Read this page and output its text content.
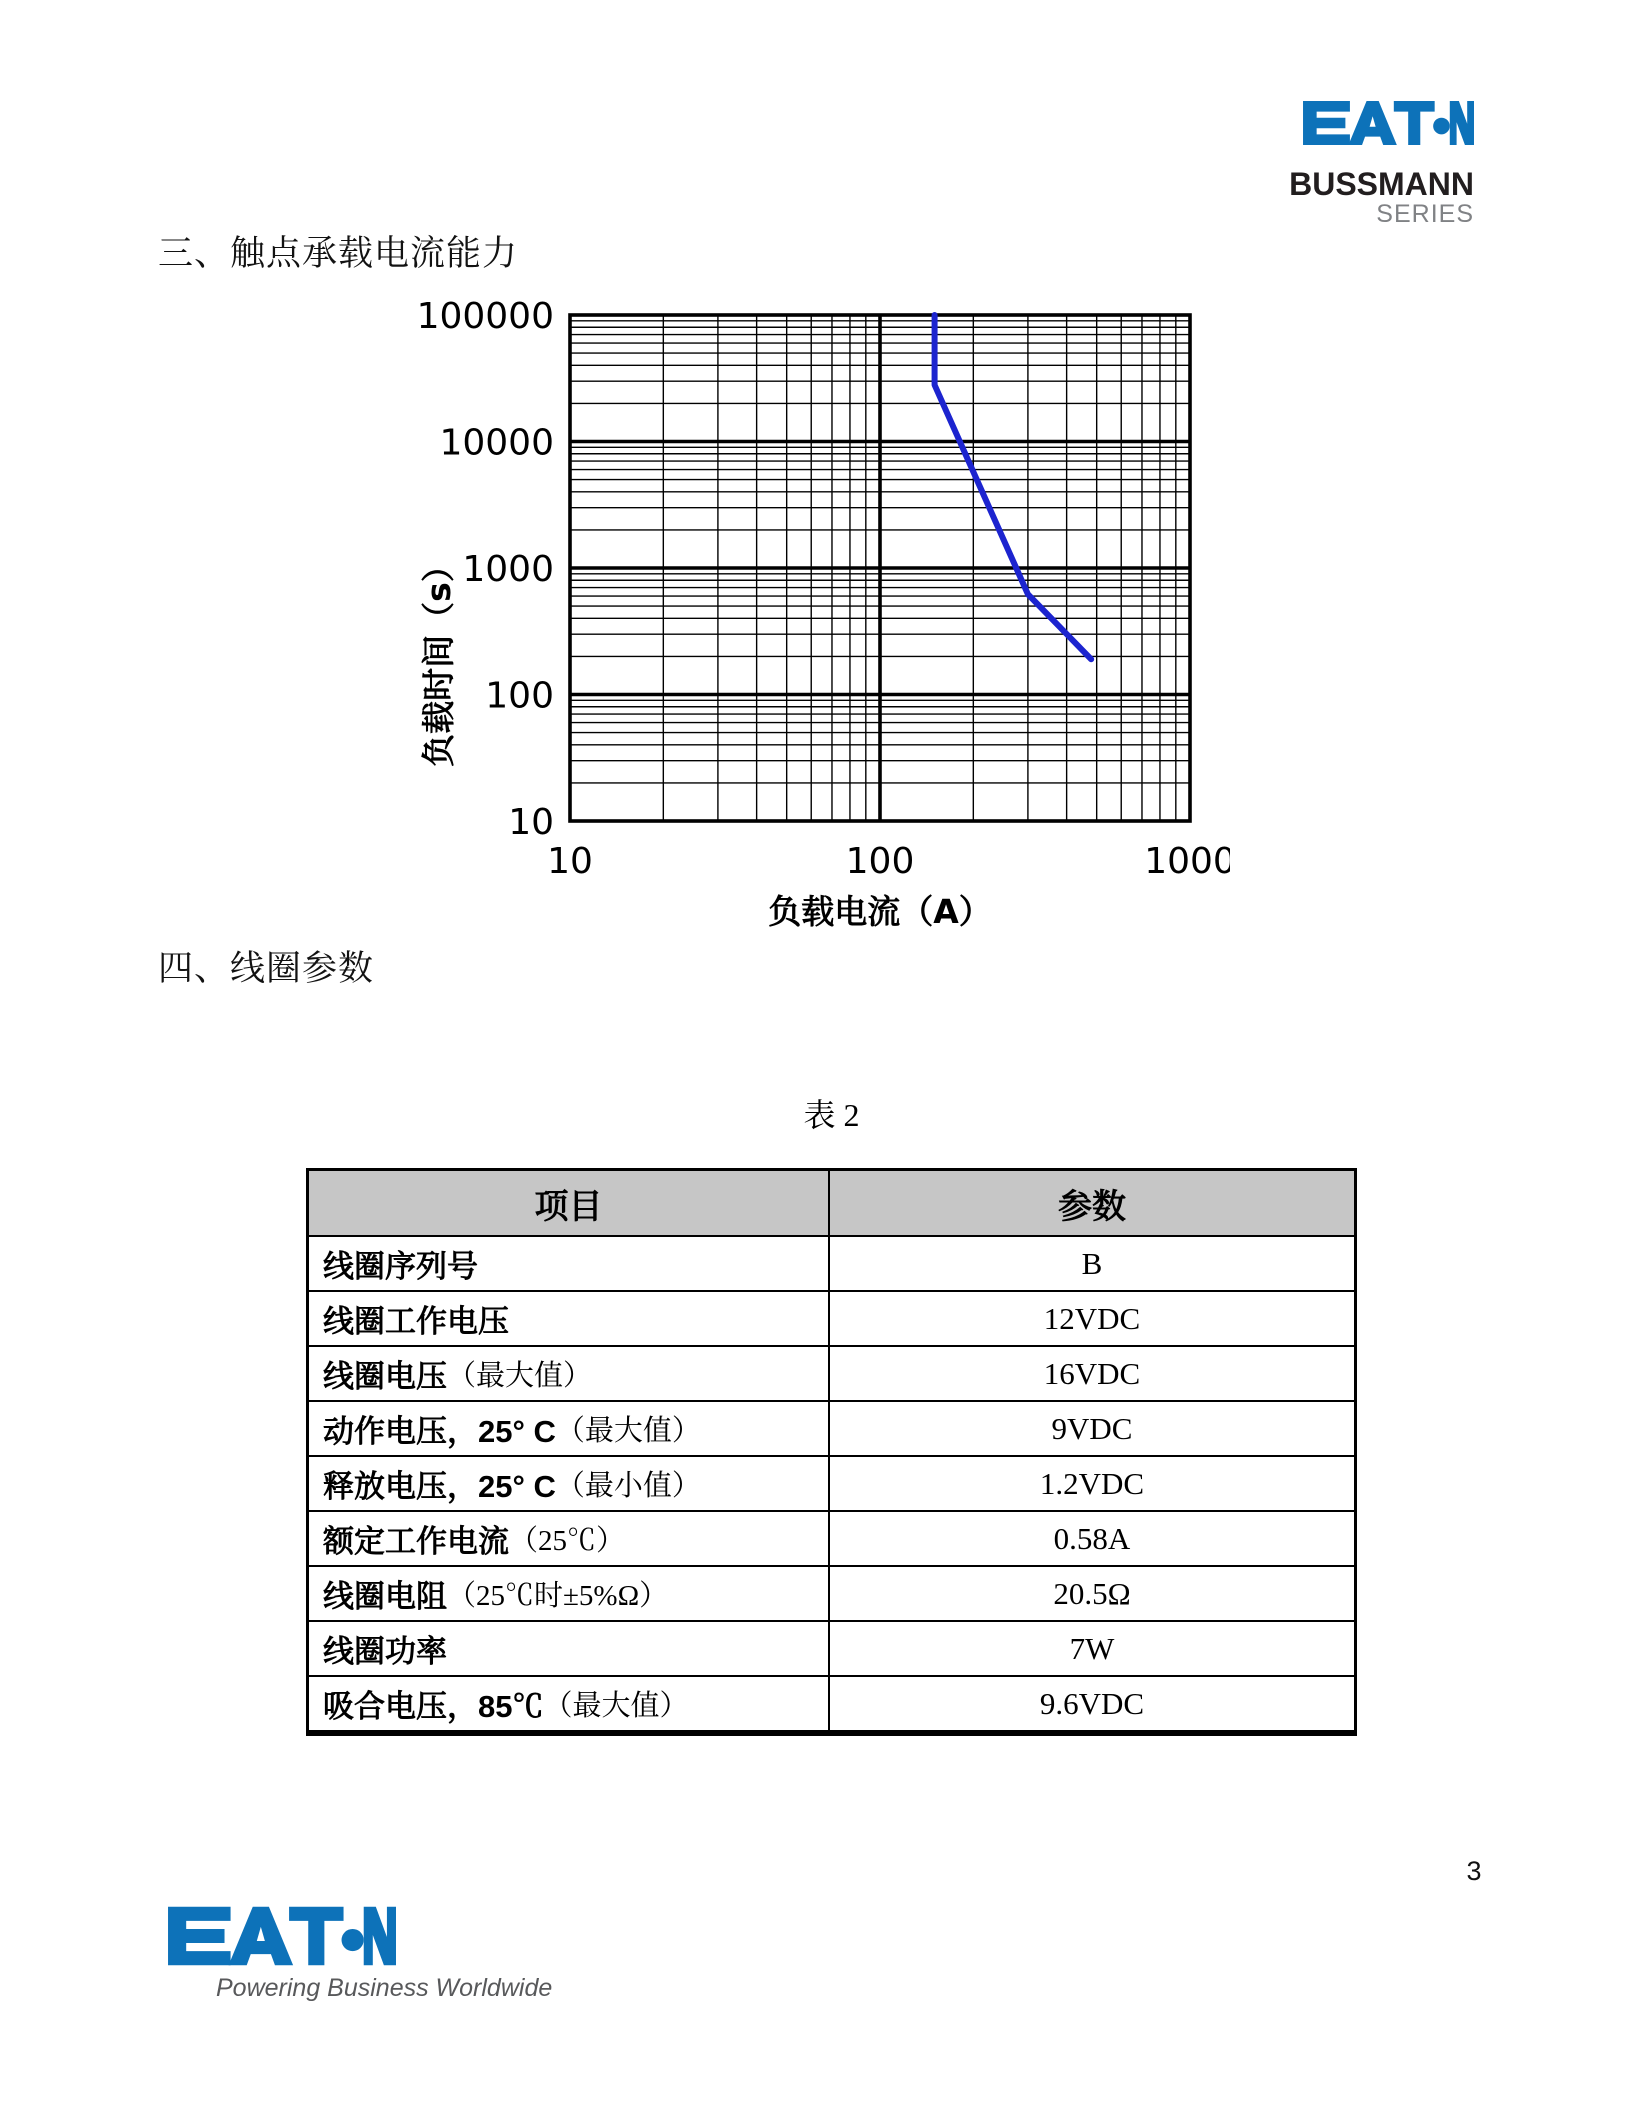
BUSSMANN
SERIES
三、触点承载电流能力
100000
10000
1000
100
10
10	100	1000
负载电流（A）
负载时间（s）
四、线圈参数
表 2
项目	参数
线圈序列号	B
线圈工作电压	12VDC
线圈电压 （最大值）	16VDC
动作电压，25° C （最大值）	9VDC
释放电压，25° C （最小值）	1.2VDC
额定工作电流 （25℃）	0.58A
线圈电阻 （25℃时±5%Ω）	20.5Ω
线圈功率	7W
吸合电压，85℃ （最大值）	9.6VDC
3
Powering Business Worldwide
